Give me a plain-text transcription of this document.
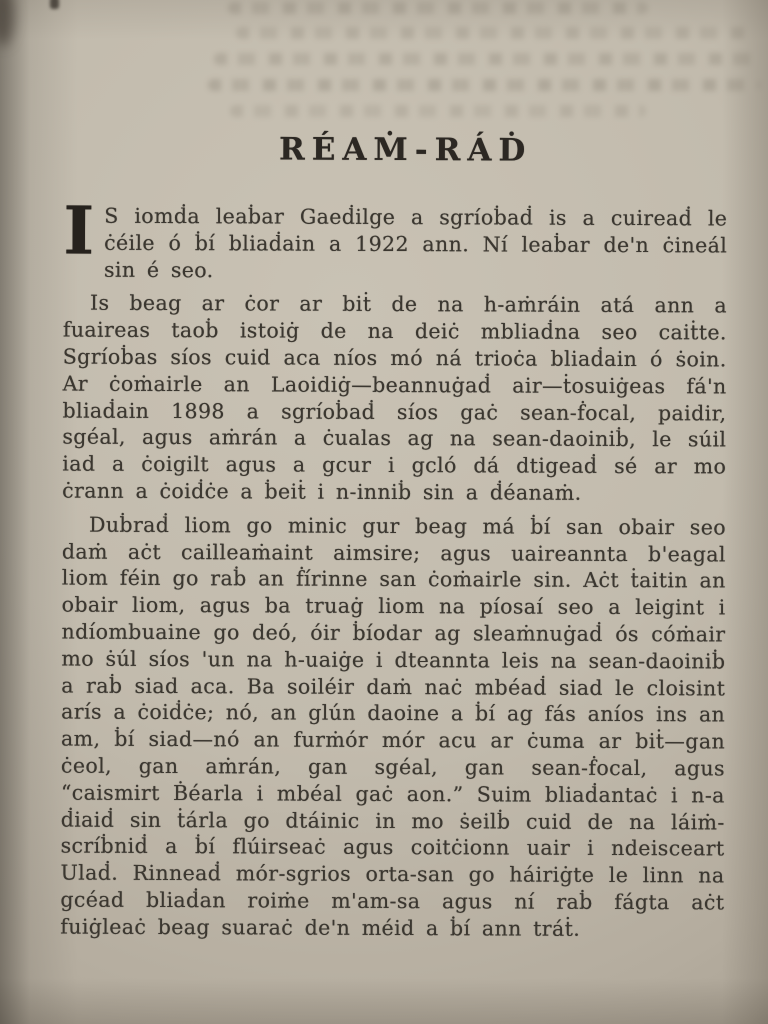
RÉAṀ-RÁḊ

I S iomḋa leaḃar Gaeḋilge a sgríoḃaḋ is a cuireaḋ le ċéile ó ḃí bliaḋain a 1922 ann. Ní leaḃar de'n ċineál sin é seo.

Is beag ar ċor ar biṫ de na h-aṁráin atá ann a fuaireas taoḃ istoiġ de na deiċ mbliaḋna seo caiṫte. Sgríoḃas síos cuid aca níos mó ná trioċa bliaḋain ó ṡoin. Ar ċoṁairle an Laoidiġ—beannuġaḋ air—ṫosuiġeas fá'n bliaḋain 1898 a sgríoḃaḋ síos gaċ sean-ḟocal, paidir, sgéal, agus aṁrán a ċualas ag na sean-daoiniḃ, le súil iad a ċoigilt agus a gcur i gcló dá dtigeaḋ sé ar mo ċrann a ċoiḋċe a ḃeiṫ i n-inniḃ sin a ḋéanaṁ.

Duḃraḋ liom go minic gur beag má ḃí san obair seo daṁ aċt cailleaṁaint aimsire; agus uaireannta b'eagal liom féin go raḃ an ḟírinne san ċoṁairle sin. Aċt ṫaitin an obair liom, agus ba truaġ liom na píosaí seo a leigint i ndíombuaine go deó, óir ḃíodar ag sleaṁnuġaḋ ós cóṁair mo ṡúl síos 'un na h-uaiġe i dteannta leis na sean-daoiniḃ a raḃ siad aca. Ba soiléir daṁ naċ mbéaḋ siad le cloisint arís a ċoiḋċe; nó, an glún daoine a ḃí ag fás aníos ins an am, ḃí siad—nó an furṁór mór acu ar ċuma ar biṫ—gan ċeol, gan aṁrán, gan sgéal, gan sean-ḟocal, agus “caismirt Ḃéarla i mbéal gaċ aon.” Suim bliaḋantaċ i n-a ḋiaiḋ sin ṫárla go dtáinic in mo ṡeilḃ cuid de na láiṁ-scríḃniḋ a ḃí flúirseaċ agus coitċionn uair i ndeisceart Ulaḋ. Rinneaḋ mór-sgrios orta-san go háiriġte le linn na gcéad bliaḋan roiṁe m'am-sa agus ní raḃ fágta aċt fuiġleaċ beag suaraċ de'n méid a ḃí ann tráṫ.
